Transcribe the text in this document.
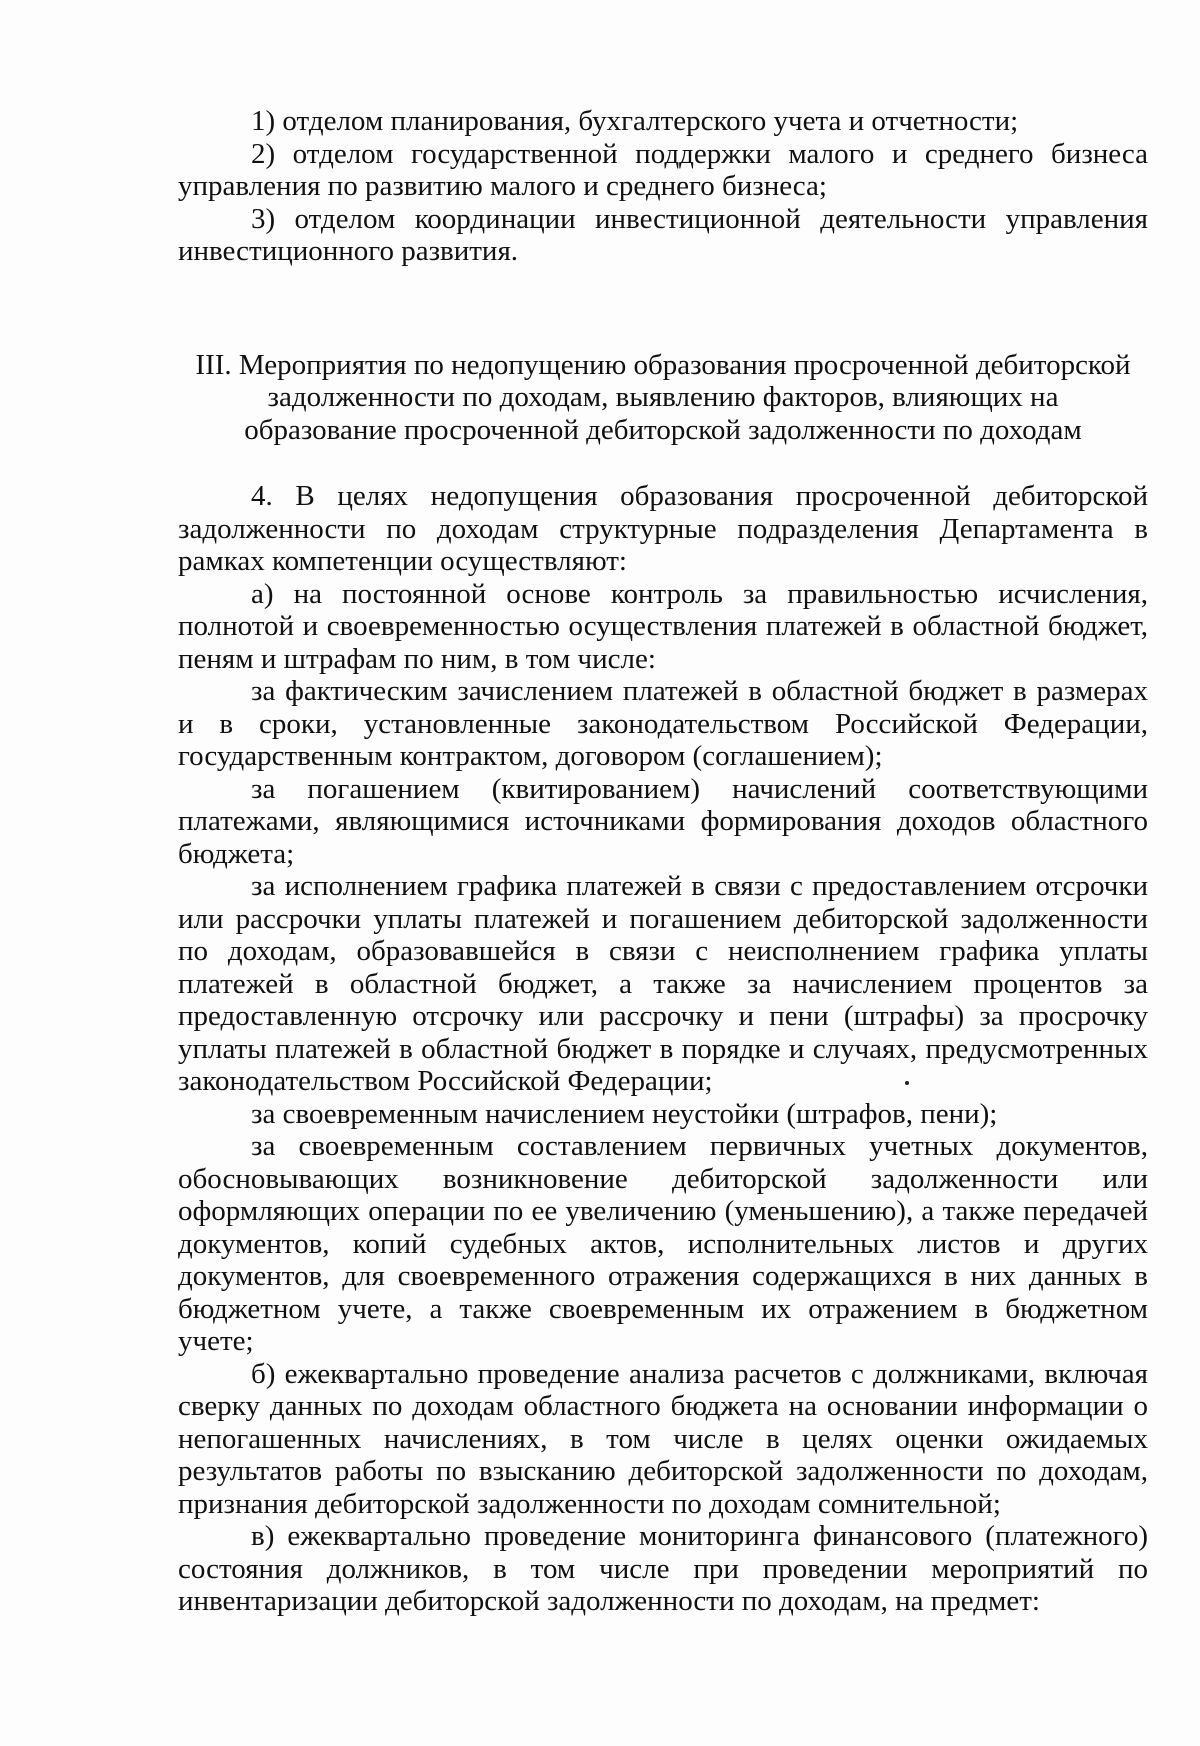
1) отделом планирования, бухгалтерского учета и отчетности;

2) отделом государственной поддержки малого и среднего бизнеса управления по развитию малого и среднего бизнеса;

3) отделом координации инвестиционной деятельности управления инвестиционного развития.

III. Мероприятия по недопущению образования просроченной дебиторской задолженности по доходам, выявлению факторов, влияющих на образование просроченной дебиторской задолженности по доходам

4. В целях недопущения образования просроченной дебиторской задолженности по доходам структурные подразделения Департамента в рамках компетенции осуществляют:

а) на постоянной основе контроль за правильностью исчисления, полнотой и своевременностью осуществления платежей в областной бюджет, пеням и штрафам по ним, в том числе:

за фактическим зачислением платежей в областной бюджет в размерах и в сроки, установленные законодательством Российской Федерации, государственным контрактом, договором (соглашением);

за погашением (квитированием) начислений соответствующими платежами, являющимися источниками формирования доходов областного бюджета;

за исполнением графика платежей в связи с предоставлением отсрочки или рассрочки уплаты платежей и погашением дебиторской задолженности по доходам, образовавшейся в связи с неисполнением графика уплаты платежей в областной бюджет, а также за начислением процентов за предоставленную отсрочку или рассрочку и пени (штрафы) за просрочку уплаты платежей в областной бюджет в порядке и случаях, предусмотренных законодательством Российской Федерации;

за своевременным начислением неустойки (штрафов, пени);

за своевременным составлением первичных учетных документов, обосновывающих возникновение дебиторской задолженности или оформляющих операции по ее увеличению (уменьшению), а также передачей документов, копий судебных актов, исполнительных листов и других документов, для своевременного отражения содержащихся в них данных в бюджетном учете, а также своевременным их отражением в бюджетном учете;

б) ежеквартально проведение анализа расчетов с должниками, включая сверку данных по доходам областного бюджета на основании информации о непогашенных начислениях, в том числе в целях оценки ожидаемых результатов работы по взысканию дебиторской задолженности по доходам, признания дебиторской задолженности по доходам сомнительной;

в) ежеквартально проведение мониторинга финансового (платежного) состояния должников, в том числе при проведении мероприятий по инвентаризации дебиторской задолженности по доходам, на предмет:
